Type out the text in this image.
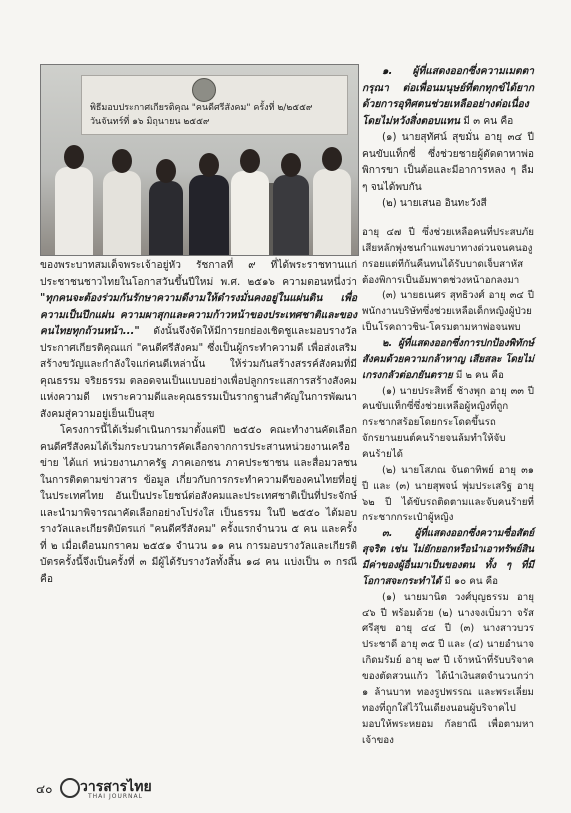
พิธีมอบประกาศเกียรติคุณ "คนดีศรีสังคม" ครั้งที่ ๒/๒๕๕๙
วันจันทร์ที่ ๑๖ มิถุนายน ๒๕๕๙

๑. ผู้ที่แสดงออกซึ่งความเมตตากรุณา ต่อเพื่อนมนุษย์ที่ตกทุกข์ได้ยาก ด้วยการอุทิศตนช่วยเหลืออย่างต่อเนื่อง โดยไม่หวังสิ่งตอบแทน มี ๓ คน คือ

(๑) นายสุทัศน์ สุขมั่น อายุ ๓๔ ปี คนขับแท็กซี่ ซึ่งช่วยชายผู้ตัดตาหาพ่อพิการขา เป็นต้อและมีอาการหลง ๆ ลืม ๆ จนได้พบกัน

(๒) นายเสนอ อินทะวังสี

ของพระบาทสมเด็จพระเจ้าอยู่หัว รัชกาลที่ ๙ ที่ได้พระราชทานแก่ประชาชนชาวไทยในโอกาสวันขึ้นปีใหม่ พ.ศ. ๒๕๑๖ ความตอนหนึ่งว่า "ทุกคนจะต้องร่วมกันรักษาความดีงามให้ดำรงมั่นคงอยู่ในแผ่นดิน เพื่อความเป็นปึกแผ่น ความผาสุกและความก้าวหน้าของประเทศชาติและของคนไทยทุกถ้วนหน้า..." ดังนั้นจึงจัดให้มีการยกย่องเชิดชูและมอบรางวัลประกาศเกียรติคุณแก่ "คนดีศรีสังคม" ซึ่งเป็นผู้กระทำความดี เพื่อส่งเสริม สร้างขวัญและกำลังใจแก่คนดีเหล่านั้น ให้ร่วมกันสร้างสรรค์สังคมที่มีคุณธรรม จริยธรรม ตลอดจนเป็นแบบอย่างเพื่อปลูกกระแสการสร้างสังคมแห่งความดี เพราะความดีและคุณธรรมเป็นรากฐานสำคัญในการพัฒนาสังคมสู่ความอยู่เย็นเป็นสุข

โครงการนี้ได้เริ่มดำเนินการมาตั้งแต่ปี ๒๕๕๐ คณะทำงานคัดเลือกคนดีศรีสังคมได้เริ่มกระบวนการคัดเลือกจากการประสานหน่วยงานเครือข่าย ได้แก่ หน่วยงานภาครัฐ ภาคเอกชน ภาคประชาชน และสื่อมวลชน ในการติดตามข่าวสาร ข้อมูล เกี่ยวกับการกระทำความดีของคนไทยที่อยู่ในประเทศไทย อันเป็นประโยชน์ต่อสังคมและประเทศชาติเป็นที่ประจักษ์ และนำมาพิจารณาคัดเลือกอย่างโปร่งใส เป็นธรรม ในปี ๒๕๕๐ ได้มอบรางวัลและเกียรติบัตรแก่ "คนดีศรีสังคม" ครั้งแรกจำนวน ๕ คน และครั้งที่ ๒ เมื่อเดือนมกราคม ๒๕๕๑ จำนวน ๑๑ คน การมอบรางวัลและเกียรติบัตรครั้งนี้จึงเป็นครั้งที่ ๓ มีผู้ได้รับรางวัลทั้งสิ้น ๑๘ คน แบ่งเป็น ๓ กรณี คือ

อายุ ๔๗ ปี ซึ่งช่วยเหลือคนที่ประสบภัยเสียหลักพุ่งชนกำแพงบาทางด่วนจนคนองูกรอยแต่ทีกันคืนทนได้รับบาดเจ็บสาหัสต้องพิการเป็นอัมพาตช่วงหน้าอกลงมา

(๓) นายธเนศร สุทธิวงศ์ อายุ ๓๔ ปี พนักงานบริษัทซึ่งช่วยเหลือเด็กหญิงผู้ป่วยเป็นโรคถาวชิน-โครมตามหาพ่อจนพบ

๒. ผู้ที่แสดงออกซึ่งการปกป้องพิทักษ์สังคมด้วยความกล้าหาญ เสียสละ โดยไม่เกรงกลัวต่อภยันตราย มี ๒ คน คือ

(๑) นายประสิทธิ์ ช้างพุก อายุ ๓๓ ปี คนขับแท็กซี่ซึ่งช่วยเหลือผู้หญิงที่ถูกกระชากสร้อยโดยกระโดดขึ้นรถจักรยานยนต์คนร้ายจนล้มทำให้จับคนร้ายได้

(๒) นายโสภณ จันดาทิพย์ อายุ ๓๑ ปี และ (๓) นายสุพจน์ พุ่มประเสริฐ อายุ ๖๒ ปี ได้ขับรถติดตามและจับคนร้ายที่กระชากกระเป๋าผู้หญิง

๓. ผู้ที่แสดงออกซึ่งความซื่อสัตย์ สุจริต เช่น ไม่ยักยอกหรือนำเอาทรัพย์สินมีค่าของผู้อื่นมาเป็นของตน ทั้ง ๆ ที่มีโอกาสจะกระทำได้ มี ๑๐ คน คือ

(๑) นายมานิต วงศ์บุญธรรม อายุ ๔๖ ปี พร้อมด้วย (๒) นางจงเบิ่มวา จรัสศรีสุข อายุ ๔๔ ปี (๓) นางสาวบวร ประชาดี อายุ ๓๕ ปี และ (๔) นายอำนาจ เกิดมรัมย์ อายุ ๒๙ ปี เจ้าหน้าที่รับบริจาคของตัดสวนแก้ว ได้นำเงินสดจำนวนกว่า ๑ ล้านบาท ทองรูปพรรณ และพระเลี่ยมทองที่ถูกใส่ไว้ในเดียงนอนผู้บริจาคไปมอบให้พระหยอม กัลยาณี เพื่อตามหาเจ้าของ

๔๐ วารสารไทย
THAI JOURNAL
